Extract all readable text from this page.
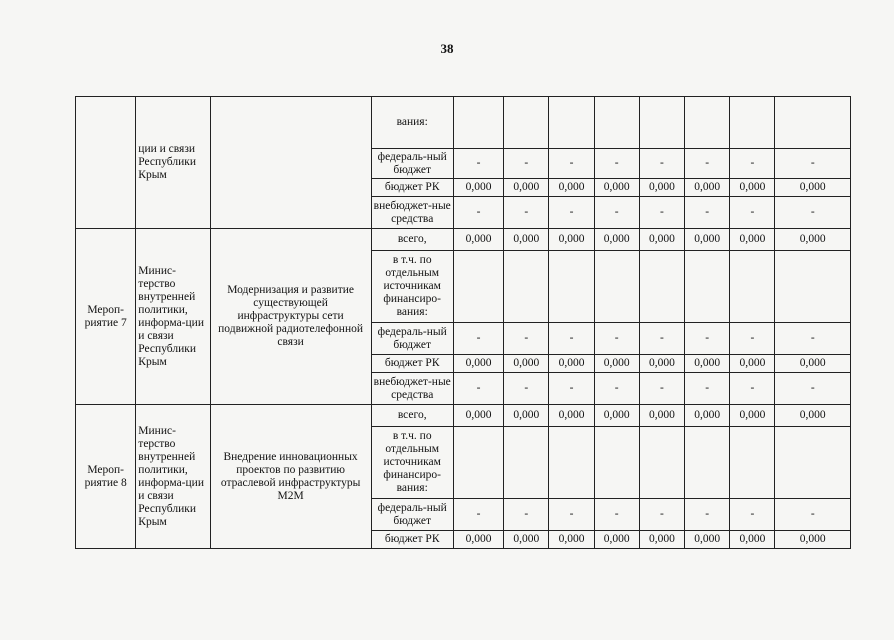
38
	ции и связи Республики Крым		вания:								
			федераль-ный бюджет	-	-	-	-	-	-	-	-
			бюджет РК	0,000	0,000	0,000	0,000	0,000	0,000	0,000	0,000
			внебюджет-ные средства	-	-	-	-	-	-	-	-
Мероп-риятие 7	Минис-терство внутренней политики, информа-ции и связи Республики Крым	Модернизация и развитие существующей инфраструктуры сети подвижной радиотелефонной связи	всего,	0,000	0,000	0,000	0,000	0,000	0,000	0,000	0,000
			в т.ч. по отдельным источникам финансиро-вания:								
			федераль-ный бюджет	-	-	-	-	-	-	-	-
			бюджет РК	0,000	0,000	0,000	0,000	0,000	0,000	0,000	0,000
			внебюджет-ные средства	-	-	-	-	-	-	-	-
Мероп-риятие 8	Минис-терство внутренней политики, информа-ции и связи Республики Крым	Внедрение инновационных проектов по развитию отраслевой инфраструктуры М2М	всего,	0,000	0,000	0,000	0,000	0,000	0,000	0,000	0,000
			в т.ч. по отдельным источникам финансиро-вания:								
			федераль-ный бюджет	-	-	-	-	-	-	-	-
			бюджет РК	0,000	0,000	0,000	0,000	0,000	0,000	0,000	0,000
